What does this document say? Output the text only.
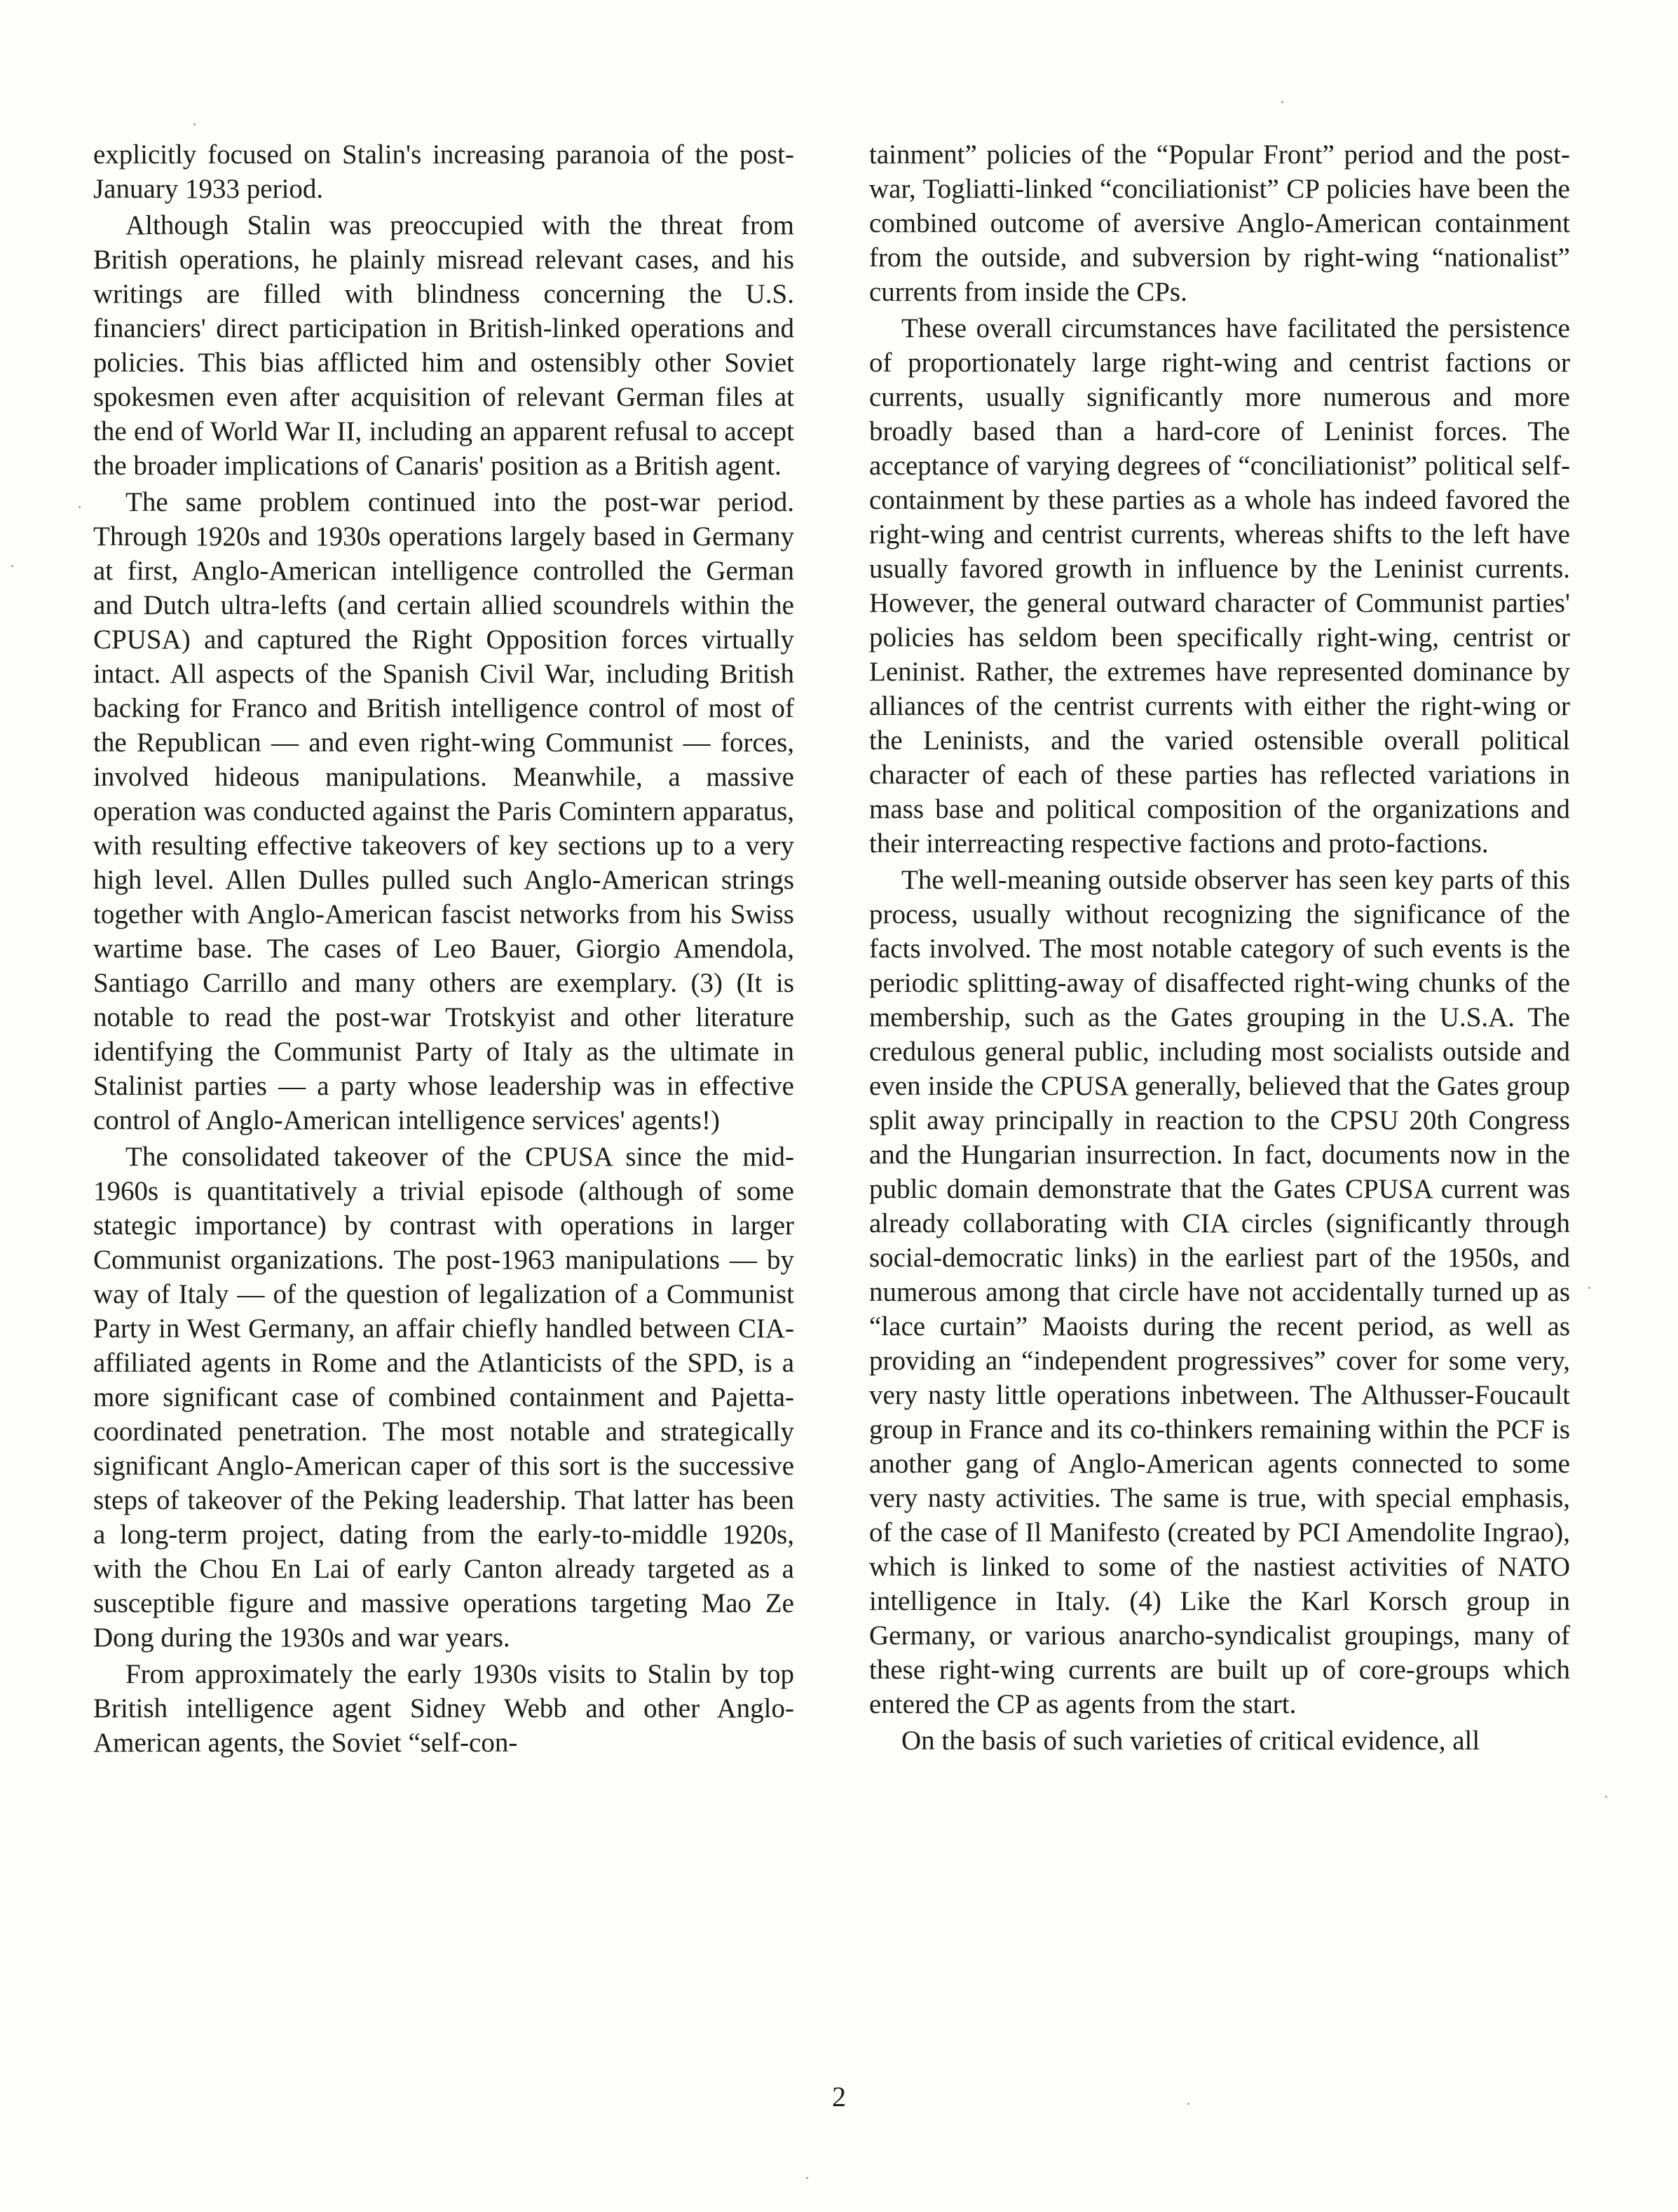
explicitly focused on Stalin's increasing paranoia of the post-January 1933 period.

Although Stalin was preoccupied with the threat from British operations, he plainly misread relevant cases, and his writings are filled with blindness concerning the U.S. financiers' direct participation in British-linked operations and policies. This bias afflicted him and ostensibly other Soviet spokesmen even after acquisition of relevant German files at the end of World War II, including an apparent refusal to accept the broader implications of Canaris' position as a British agent.

The same problem continued into the post-war period. Through 1920s and 1930s operations largely based in Germany at first, Anglo-American intelligence controlled the German and Dutch ultra-lefts (and certain allied scoundrels within the CPUSA) and captured the Right Opposition forces virtually intact. All aspects of the Spanish Civil War, including British backing for Franco and British intelligence control of most of the Republican — and even right-wing Communist — forces, involved hideous manipulations. Meanwhile, a massive operation was conducted against the Paris Comintern apparatus, with resulting effective takeovers of key sections up to a very high level. Allen Dulles pulled such Anglo-American strings together with Anglo-American fascist networks from his Swiss wartime base. The cases of Leo Bauer, Giorgio Amendola, Santiago Carrillo and many others are exemplary. (3) (It is notable to read the post-war Trotskyist and other literature identifying the Communist Party of Italy as the ultimate in Stalinist parties — a party whose leadership was in effective control of Anglo-American intelligence services' agents!)

The consolidated takeover of the CPUSA since the mid-1960s is quantitatively a trivial episode (although of some stategic importance) by contrast with operations in larger Communist organizations. The post-1963 manipulations — by way of Italy — of the question of legalization of a Communist Party in West Germany, an affair chiefly handled between CIA-affiliated agents in Rome and the Atlanticists of the SPD, is a more significant case of combined containment and Pajetta-coordinated penetration. The most notable and strategically significant Anglo-American caper of this sort is the successive steps of takeover of the Peking leadership. That latter has been a long-term project, dating from the early-to-middle 1920s, with the Chou En Lai of early Canton already targeted as a susceptible figure and massive operations targeting Mao Ze Dong during the 1930s and war years.

From approximately the early 1930s visits to Stalin by top British intelligence agent Sidney Webb and other Anglo-American agents, the Soviet “self-con-

tainment” policies of the “Popular Front” period and the post-war, Togliatti-linked “conciliationist” CP policies have been the combined outcome of aversive Anglo-American containment from the outside, and subversion by right-wing “nationalist” currents from inside the CPs.

These overall circumstances have facilitated the persistence of proportionately large right-wing and centrist factions or currents, usually significantly more numerous and more broadly based than a hard-core of Leninist forces. The acceptance of varying degrees of “conciliationist” political self-containment by these parties as a whole has indeed favored the right-wing and centrist currents, whereas shifts to the left have usually favored growth in influence by the Leninist currents. However, the general outward character of Communist parties' policies has seldom been specifically right-wing, centrist or Leninist. Rather, the extremes have represented dominance by alliances of the centrist currents with either the right-wing or the Leninists, and the varied ostensible overall political character of each of these parties has reflected variations in mass base and political composition of the organizations and their interreacting respective factions and proto-factions.

The well-meaning outside observer has seen key parts of this process, usually without recognizing the significance of the facts involved. The most notable category of such events is the periodic splitting-away of disaffected right-wing chunks of the membership, such as the Gates grouping in the U.S.A. The credulous general public, including most socialists outside and even inside the CPUSA generally, believed that the Gates group split away principally in reaction to the CPSU 20th Congress and the Hungarian insurrection. In fact, documents now in the public domain demonstrate that the Gates CPUSA current was already collaborating with CIA circles (significantly through social-democratic links) in the earliest part of the 1950s, and numerous among that circle have not accidentally turned up as “lace curtain” Maoists during the recent period, as well as providing an “independent progressives” cover for some very, very nasty little operations inbetween. The Althusser-Foucault group in France and its co-thinkers remaining within the PCF is another gang of Anglo-American agents connected to some very nasty activities. The same is true, with special emphasis, of the case of Il Manifesto (created by PCI Amendolite Ingrao), which is linked to some of the nastiest activities of NATO intelligence in Italy. (4) Like the Karl Korsch group in Germany, or various anarcho-syndicalist groupings, many of these right-wing currents are built up of core-groups which entered the CP as agents from the start.

On the basis of such varieties of critical evidence, all

2
